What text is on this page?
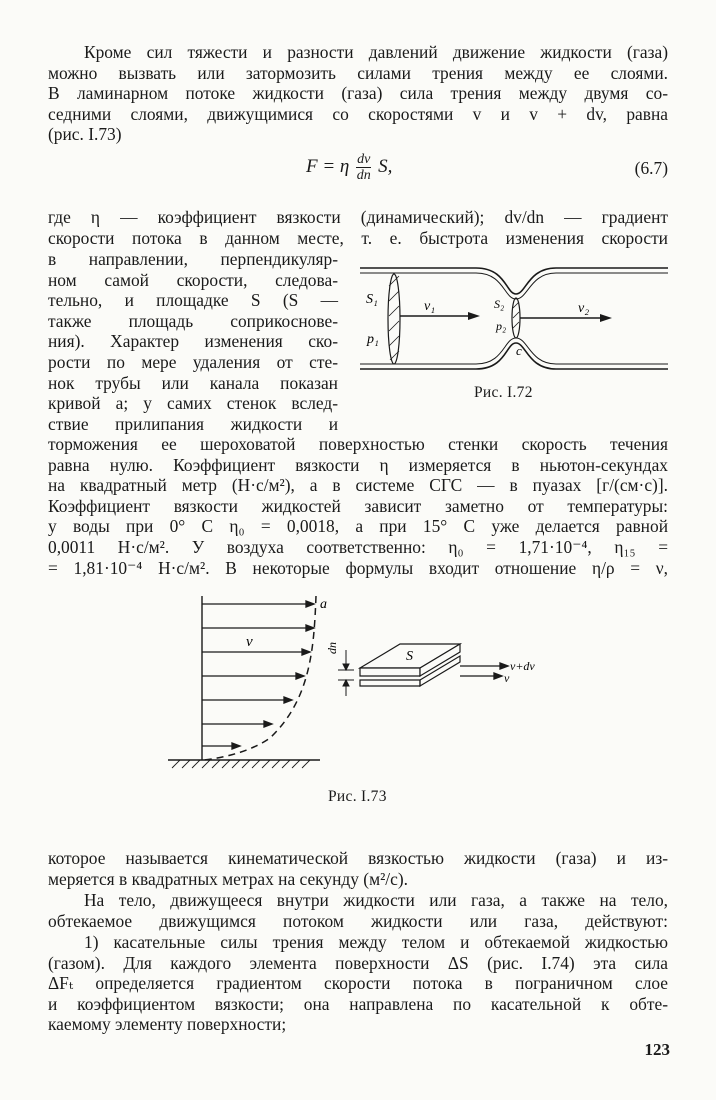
Кроме сил тяжести и разности давлений движение жидкости (газа)
можно вызвать или затормозить силами трения между ее слоями.
В ламинарном потоке жидкости (газа) сила трения между двумя со-
седними слоями, движущимися со скоростями v и v + dv, равна
(рис. I.73)
F = η $\frac{dv}{dn} S$,	(6.7)
где η — коэффициент вязкости (динамический); dv/dn — градиент
скорости потока в данном месте, т. е. быстрота изменения скорости
в направлении, перпендикуляр-
ном самой скорости, следова-
тельно, и площадке S (S —
также площадь соприкоснове-
ния). Характер изменения ско-
рости по мере удаления от сте-
нок трубы или канала показан
кривой a; у самих стенок вслед-
ствие прилипания жидкости и
S₁
p₁
v₁	S₂
p₂
v₂
c
Рис. I.72
торможения ее шероховатой поверхностью стенки скорость течения
равна нулю. Коэффициент вязкости η измеряется в ньютон-секундах
на квадратный метр (Н·с/м²), а в системе СГС — в пуазах [г/(см·с)].
Коэффициент вязкости жидкостей зависит заметно от температуры:
у воды при 0° С η₀ = 0,0018, а при 15° С уже делается равной
0,0011 Н·с/м². У воздуха соответственно: η₀ = 1,71·10⁻⁴, η₁₅ =
= 1,81·10⁻⁴ Н·с/м². В некоторые формулы входит отношение η/ρ = ν,
a
v	dn
S
v+dv
v
Рис. I.73
которое называется кинематической вязкостью жидкости (газа) и из-
меряется в квадратных метрах на секунду (м²/с).
На тело, движущееся внутри жидкости или газа, а также на тело,
обтекаемое движущимся потоком жидкости или газа, действуют:
1) касательные силы трения между телом и обтекаемой жидкостью
(газом). Для каждого элемента поверхности ΔS (рис. I.74) эта сила
ΔFₜ определяется градиентом скорости потока в пограничном слое
и коэффициентом вязкости; она направлена по касательной к обте-
каемому элементу поверхности;
123
